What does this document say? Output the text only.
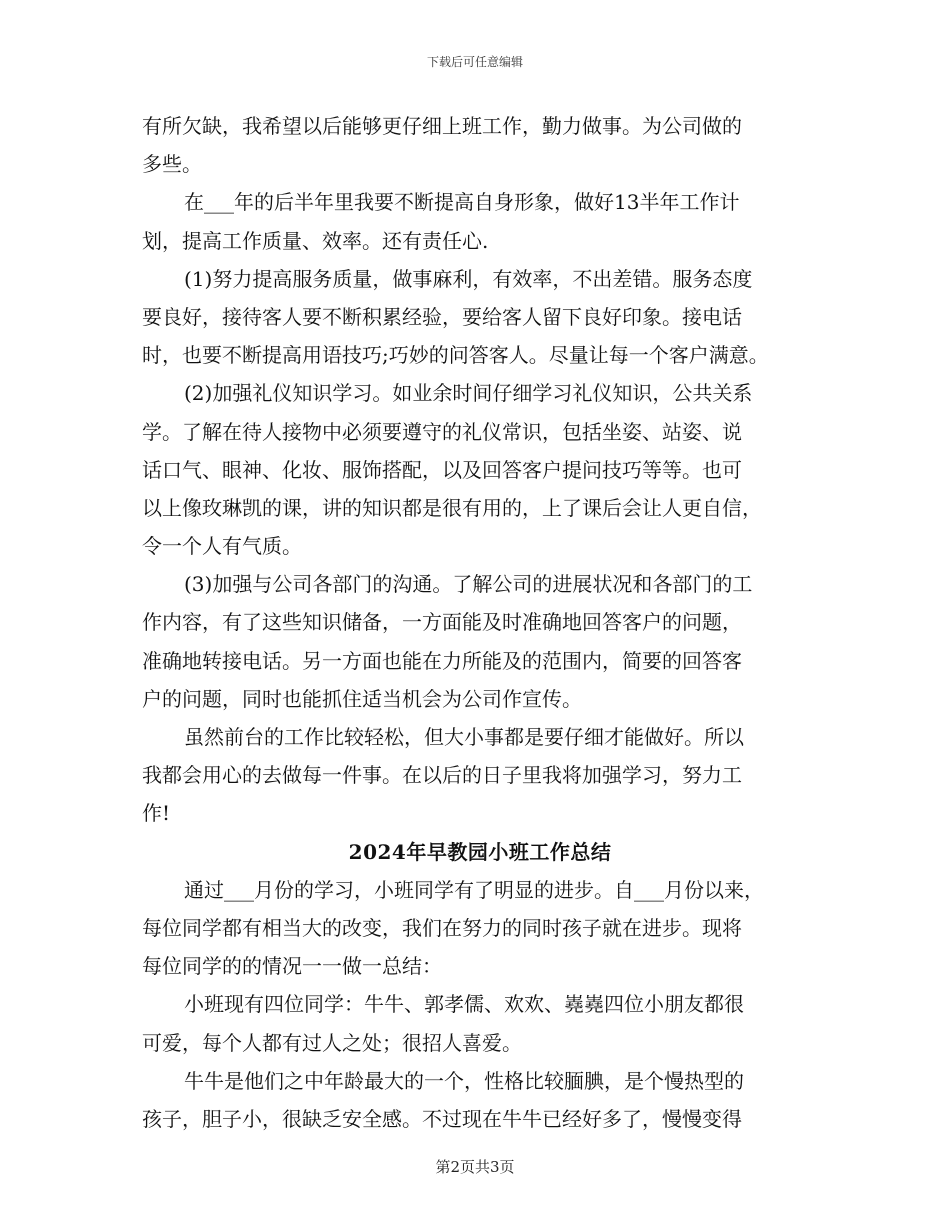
下载后可任意编辑
有所欠缺，我希望以后能够更仔细上班工作，勤力做事。为公司做的
多些。
在___年的后半年里我要不断提高自身形象，做好13半年工作计
划，提高工作质量、效率。还有责任心.
(1)努力提高服务质量，做事麻利，有效率，不出差错。服务态度
要良好，接待客人要不断积累经验，要给客人留下良好印象。接电话
时，也要不断提高用语技巧;巧妙的问答客人。尽量让每一个客户满意。
(2)加强礼仪知识学习。如业余时间仔细学习礼仪知识，公共关系
学。了解在待人接物中必须要遵守的礼仪常识，包括坐姿、站姿、说
话口气、眼神、化妆、服饰搭配，以及回答客户提问技巧等等。也可
以上像玫琳凯的课，讲的知识都是很有用的，上了课后会让人更自信，
令一个人有气质。
(3)加强与公司各部门的沟通。了解公司的进展状况和各部门的工
作内容，有了这些知识储备，一方面能及时准确地回答客户的问题，
准确地转接电话。另一方面也能在力所能及的范围内，简要的回答客
户的问题，同时也能抓住适当机会为公司作宣传。
虽然前台的工作比较轻松，但大小事都是要仔细才能做好。所以
我都会用心的去做每一件事。在以后的日子里我将加强学习，努力工
作!
2024年早教园小班工作总结
通过___月份的学习，小班同学有了明显的进步。自___月份以来，
每位同学都有相当大的改变，我们在努力的同时孩子就在进步。现将
每位同学的的情况一一做一总结：
小班现有四位同学：牛牛、郭孝儒、欢欢、嶤嶤四位小朋友都很
可爱，每个人都有过人之处；很招人喜爱。
牛牛是他们之中年龄最大的一个，性格比较腼腆，是个慢热型的
孩子，胆子小，很缺乏安全感。不过现在牛牛已经好多了，慢慢变得
第2页共3页
